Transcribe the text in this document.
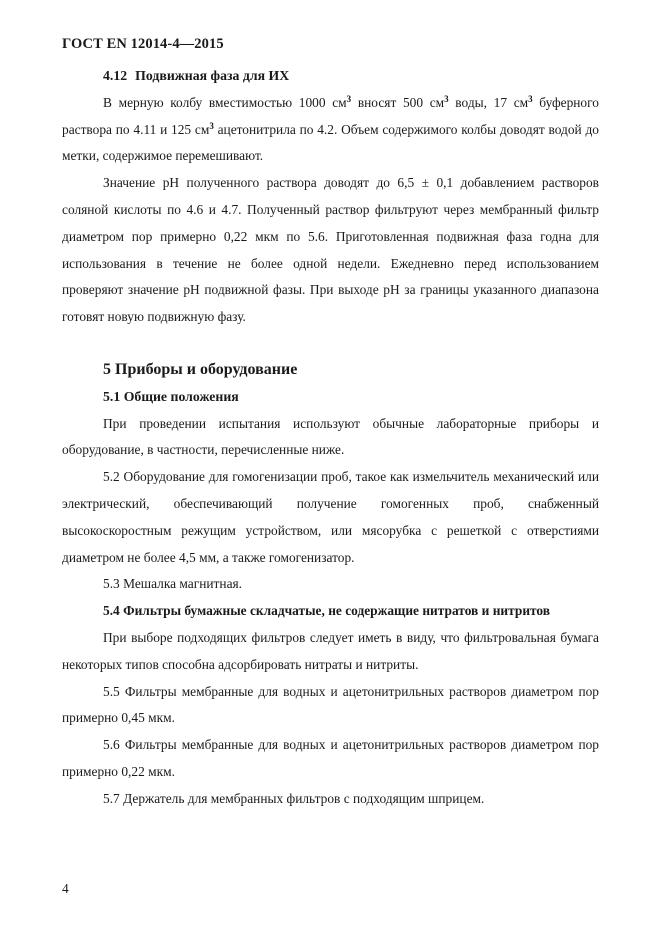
ГОСТ EN 12014-4—2015

4.12 Подвижная фаза для ИХ

В мерную колбу вместимостью 1000 $см^3$ вносят 500 $см^3$ воды, 17 $см^3$ буферного раствора по 4.11 и 125 $см^3$ ацетонитрила по 4.2. Объем содержимого колбы доводят водой до метки, содержимое перемешивают.

Значение pH полученного раствора доводят до 6,5 ± 0,1 добавлением растворов соляной кислоты по 4.6 и 4.7. Полученный раствор фильтруют через мембранный фильтр диаметром пор примерно 0,22 мкм по 5.6. Приготовленная подвижная фаза годна для использования в течение не более одной недели. Ежедневно перед использованием проверяют значение pH подвижной фазы. При выходе pH за границы указанного диапазона готовят новую подвижную фазу.

5 Приборы и оборудование

5.1 Общие положения

При проведении испытания используют обычные лабораторные приборы и оборудование, в частности, перечисленные ниже.

5.2 Оборудование для гомогенизации проб, такое как измельчитель механический или электрический, обеспечивающий получение гомогенных проб, снабженный высокоскоростным режущим устройством, или мясорубка с решеткой с отверстиями диаметром не более 4,5 мм, а также гомогенизатор.

5.3 Мешалка магнитная.

5.4 Фильтры бумажные складчатые, не содержащие нитратов и нитритов

При выборе подходящих фильтров следует иметь в виду, что фильтровальная бумага некоторых типов способна адсорбировать нитраты и нитриты.

5.5 Фильтры мембранные для водных и ацетонитрильных растворов диаметром пор примерно 0,45 мкм.

5.6 Фильтры мембранные для водных и ацетонитрильных растворов диаметром пор примерно 0,22 мкм.

5.7 Держатель для мембранных фильтров с подходящим шприцем.

4
